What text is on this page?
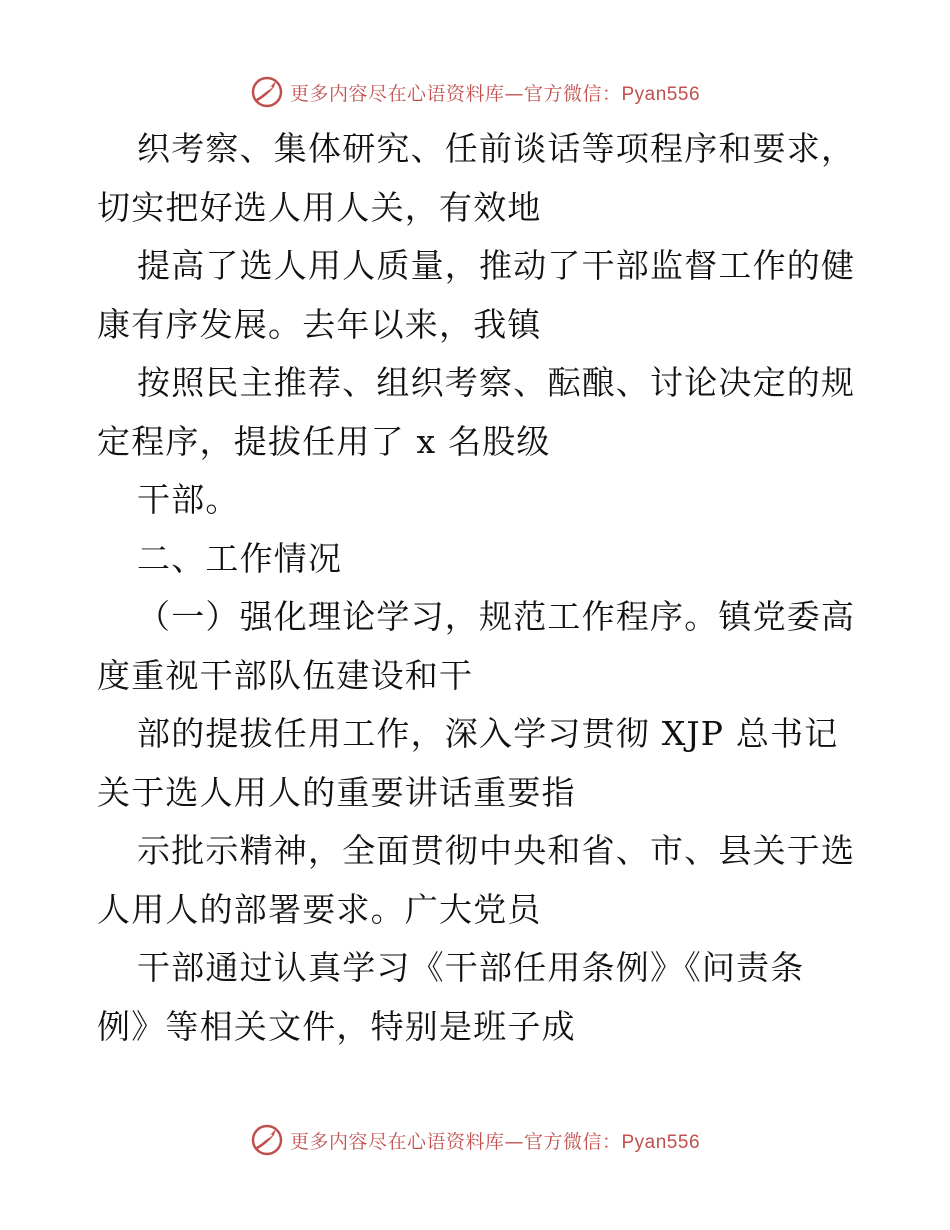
更多内容尽在心语资料库—官方微信：Pyan556
织考察、集体研究、任前谈话等项程序和要求，
切实把好选人用人关，有效地
提高了选人用人质量，推动了干部监督工作的健
康有序发展。去年以来，我镇
按照民主推荐、组织考察、酝酿、讨论决定的规
定程序，提拔任用了 x 名股级
干部。
二、工作情况
（一）强化理论学习，规范工作程序。镇党委高
度重视干部队伍建设和干
部的提拔任用工作，深入学习贯彻 XJP 总书记
关于选人用人的重要讲话重要指
示批示精神，全面贯彻中央和省、市、县关于选
人用人的部署要求。广大党员
干部通过认真学习《干部任用条例》《问责条
例》等相关文件，特别是班子成
更多内容尽在心语资料库—官方微信：Pyan556
